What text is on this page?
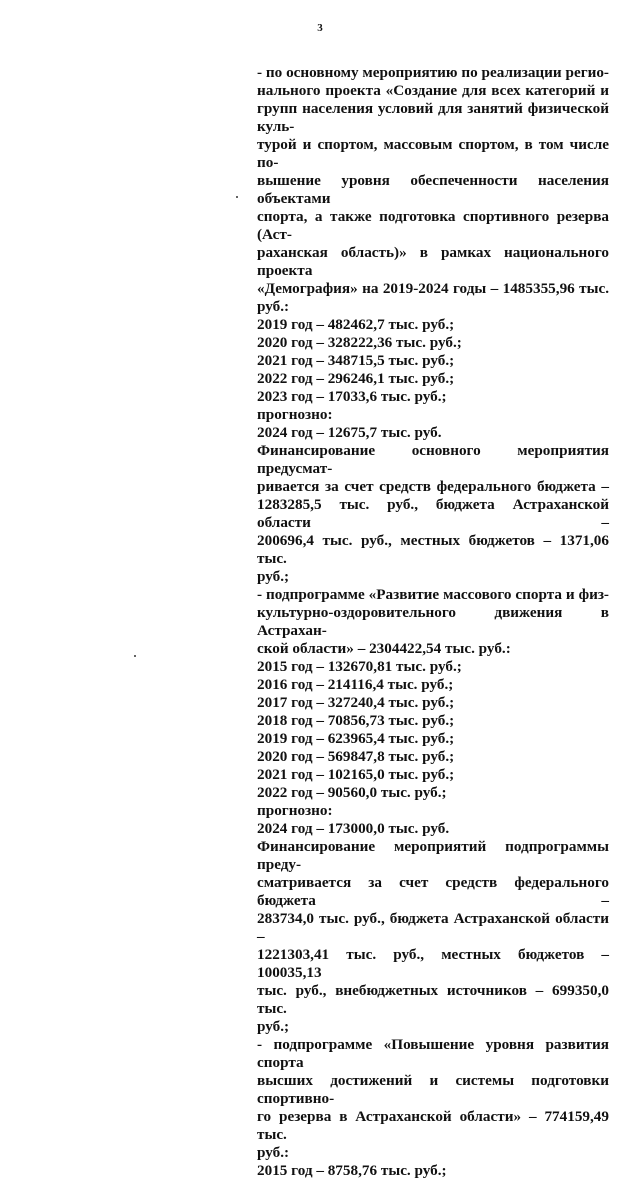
3

- по основному мероприятию по реализации регио-

нального проекта «Создание для всех категорий и

групп населения условий для занятий физической куль-

турой и спортом, массовым спортом, в том числе по-

вышение уровня обеспеченности населения объектами

спорта, а также подготовка спортивного резерва (Аст-

раханская область)» в рамках национального проекта

«Демография» на 2019-2024 годы – 1485355,96 тыс.

руб.:

2019 год – 482462,7 тыс. руб.;

2020 год – 328222,36 тыс. руб.;

2021 год – 348715,5 тыс. руб.;

2022 год – 296246,1 тыс. руб.;

2023 год – 17033,6 тыс. руб.;

прогнозно:

2024 год – 12675,7 тыс. руб.

Финансирование основного мероприятия предусмат-

ривается за счет средств федерального бюджета –

1283285,5 тыс. руб., бюджета Астраханской области –

200696,4 тыс. руб., местных бюджетов – 1371,06 тыс.

руб.;

- подпрограмме «Развитие массового спорта и физ-

культурно-оздоровительного движения в Астрахан-

ской области» – 2304422,54 тыс. руб.:

2015 год – 132670,81 тыс. руб.;

2016 год – 214116,4 тыс. руб.;

2017 год – 327240,4 тыс. руб.;

2018 год – 70856,73 тыс. руб.;

2019 год – 623965,4 тыс. руб.;

2020 год – 569847,8 тыс. руб.;

2021 год – 102165,0 тыс. руб.;

2022 год – 90560,0 тыс. руб.;

прогнозно:

2024 год – 173000,0 тыс. руб.

Финансирование мероприятий подпрограммы преду-

сматривается за счет средств федерального бюджета –

283734,0 тыс. руб., бюджета Астраханской области –

1221303,41 тыс. руб., местных бюджетов – 100035,13

тыс. руб., внебюджетных источников – 699350,0 тыс.

руб.;

- подпрограмме «Повышение уровня развития спорта

высших достижений и системы подготовки спортивно-

го резерва в Астраханской области» – 774159,49 тыс.

руб.:

2015 год – 8758,76 тыс. руб.;
